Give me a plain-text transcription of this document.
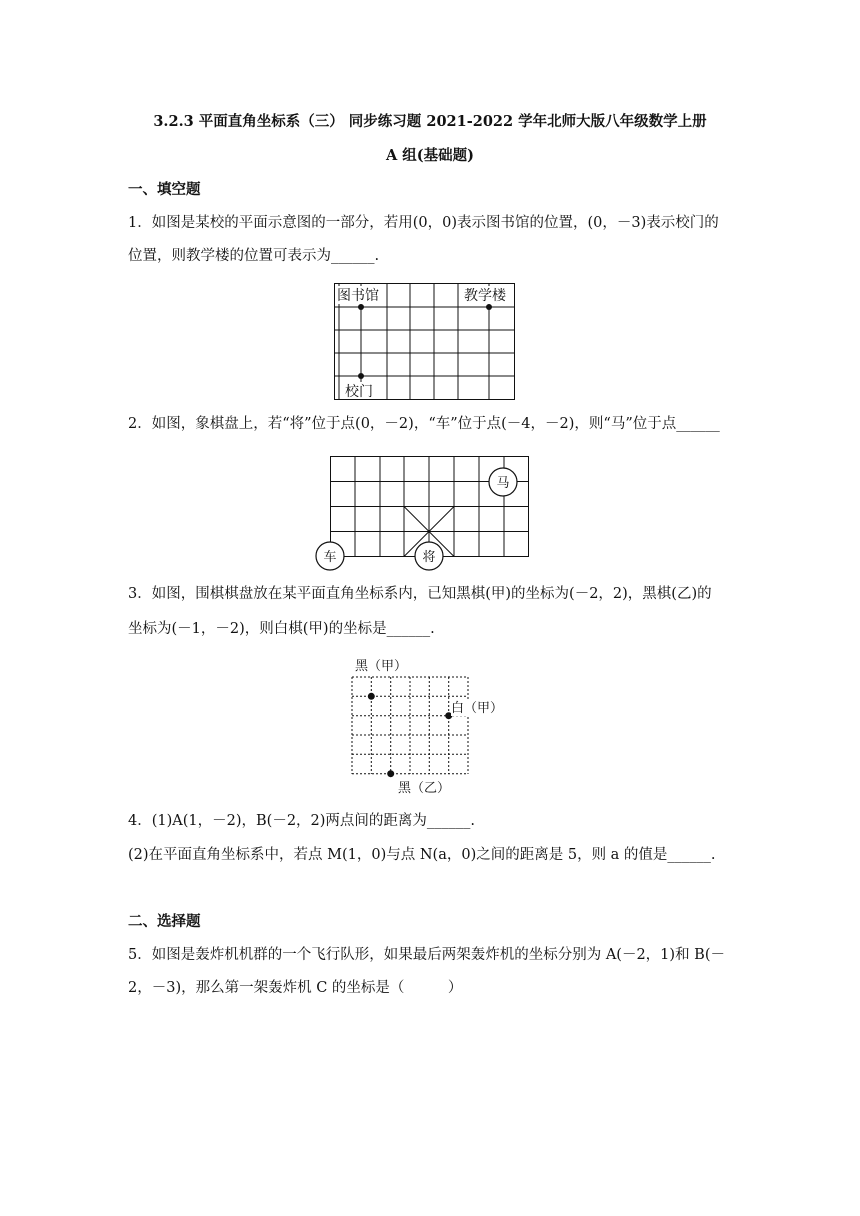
3.2.3 平面直角坐标系（三） 同步练习题 2021-2022 学年北师大版八年级数学上册
A 组(基础题)
一、填空题
1．如图是某校的平面示意图的一部分，若用(0，0)表示图书馆的位置，(0，－3)表示校门的
位置，则教学楼的位置可表示为______.
图书馆	教学楼
校门
2．如图，象棋盘上，若“将”位于点(0，－2)，“车”位于点(－4，－2)，则“马”位于点______
马
车	将
3．如图，围棋棋盘放在某平面直角坐标系内，已知黑棋(甲)的坐标为(－2，2)，黑棋(乙)的
坐标为(－1，－2)，则白棋(甲)的坐标是______.
黑（甲）
白（甲）
黑（乙）
4．(1)A(1，－2)，B(－2，2)两点间的距离为______.
(2)在平面直角坐标系中，若点 M(1，0)与点 N(a，0)之间的距离是 5，则 a 的值是______.
二、选择题
5．如图是轰炸机机群的一个飞行队形，如果最后两架轰炸机的坐标分别为 A(－2，1)和 B(－
2，－3)，那么第一架轰炸机 C 的坐标是（　　　）
